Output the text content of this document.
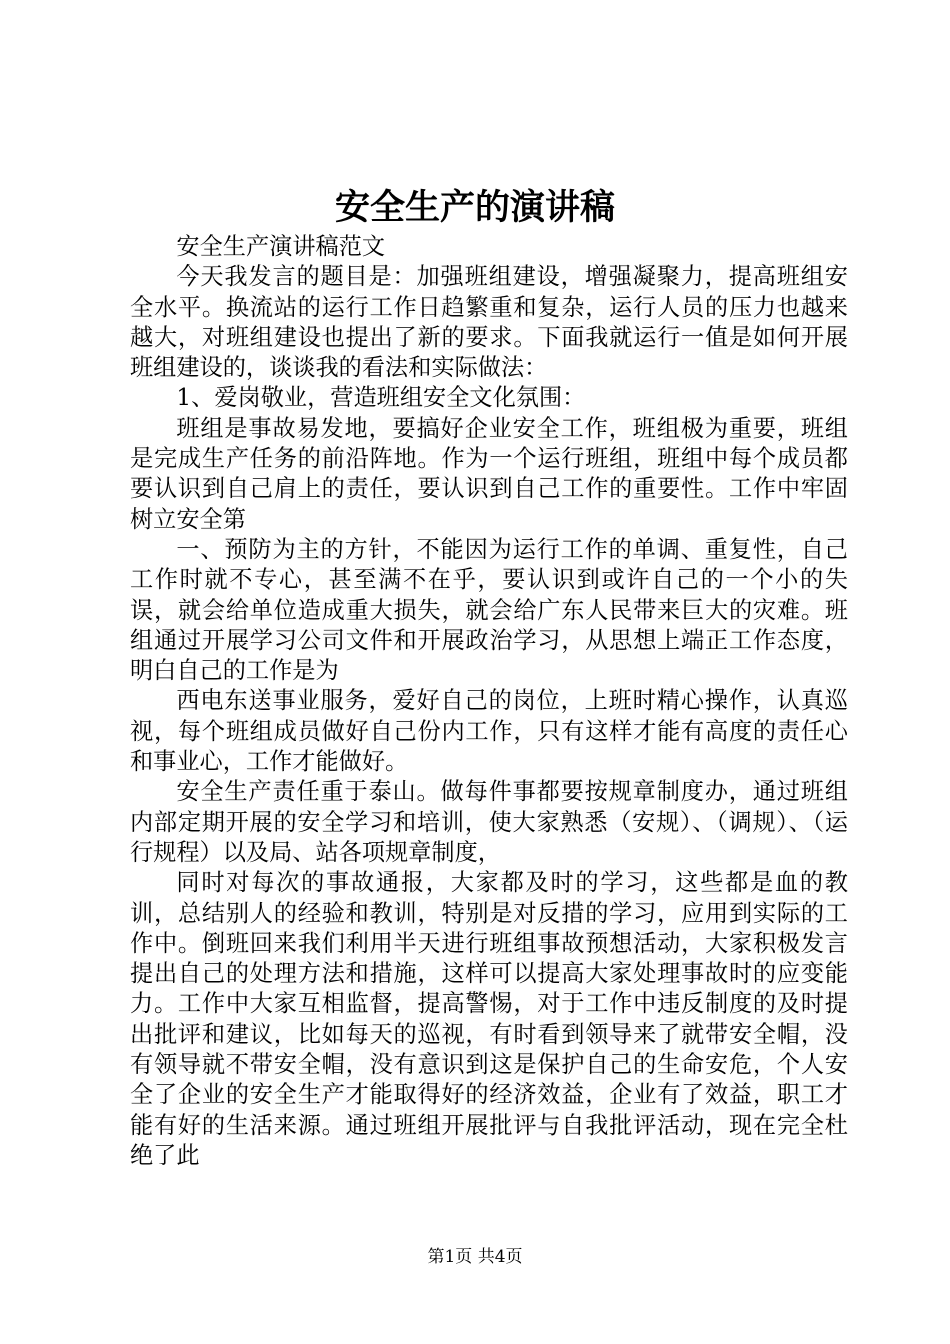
安全生产的演讲稿

安全生产演讲稿范文

今天我发言的题目是：加强班组建设，增强凝聚力，提高班组安全水平。换流站的运行工作日趋繁重和复杂，运行人员的压力也越来越大，对班组建设也提出了新的要求。下面我就运行一值是如何开展班组建设的，谈谈我的看法和实际做法：

1、爱岗敬业，营造班组安全文化氛围：

班组是事故易发地，要搞好企业安全工作，班组极为重要，班组是完成生产任务的前沿阵地。作为一个运行班组，班组中每个成员都要认识到自己肩上的责任，要认识到自己工作的重要性。工作中牢固树立安全第

一、预防为主的方针，不能因为运行工作的单调、重复性，自己工作时就不专心，甚至满不在乎，要认识到或许自己的一个小的失误，就会给单位造成重大损失，就会给广东人民带来巨大的灾难。班组通过开展学习公司文件和开展政治学习，从思想上端正工作态度，明白自己的工作是为

西电东送事业服务，爱好自己的岗位，上班时精心操作，认真巡视，每个班组成员做好自己份内工作，只有这样才能有高度的责任心和事业心，工作才能做好。

安全生产责任重于泰山。做每件事都要按规章制度办，通过班组内部定期开展的安全学习和培训，使大家熟悉（安规）、（调规）、（运行规程）以及局、站各项规章制度，

同时对每次的事故通报，大家都及时的学习，这些都是血的教训，总结别人的经验和教训，特别是对反措的学习，应用到实际的工作中。倒班回来我们利用半天进行班组事故预想活动，大家积极发言提出自己的处理方法和措施，这样可以提高大家处理事故时的应变能力。工作中大家互相监督，提高警惕，对于工作中违反制度的及时提出批评和建议，比如每天的巡视，有时看到领导来了就带安全帽，没有领导就不带安全帽，没有意识到这是保护自己的生命安危，个人安全了企业的安全生产才能取得好的经济效益，企业有了效益，职工才能有好的生活来源。通过班组开展批评与自我批评活动，现在完全杜绝了此

第1页 共4页
